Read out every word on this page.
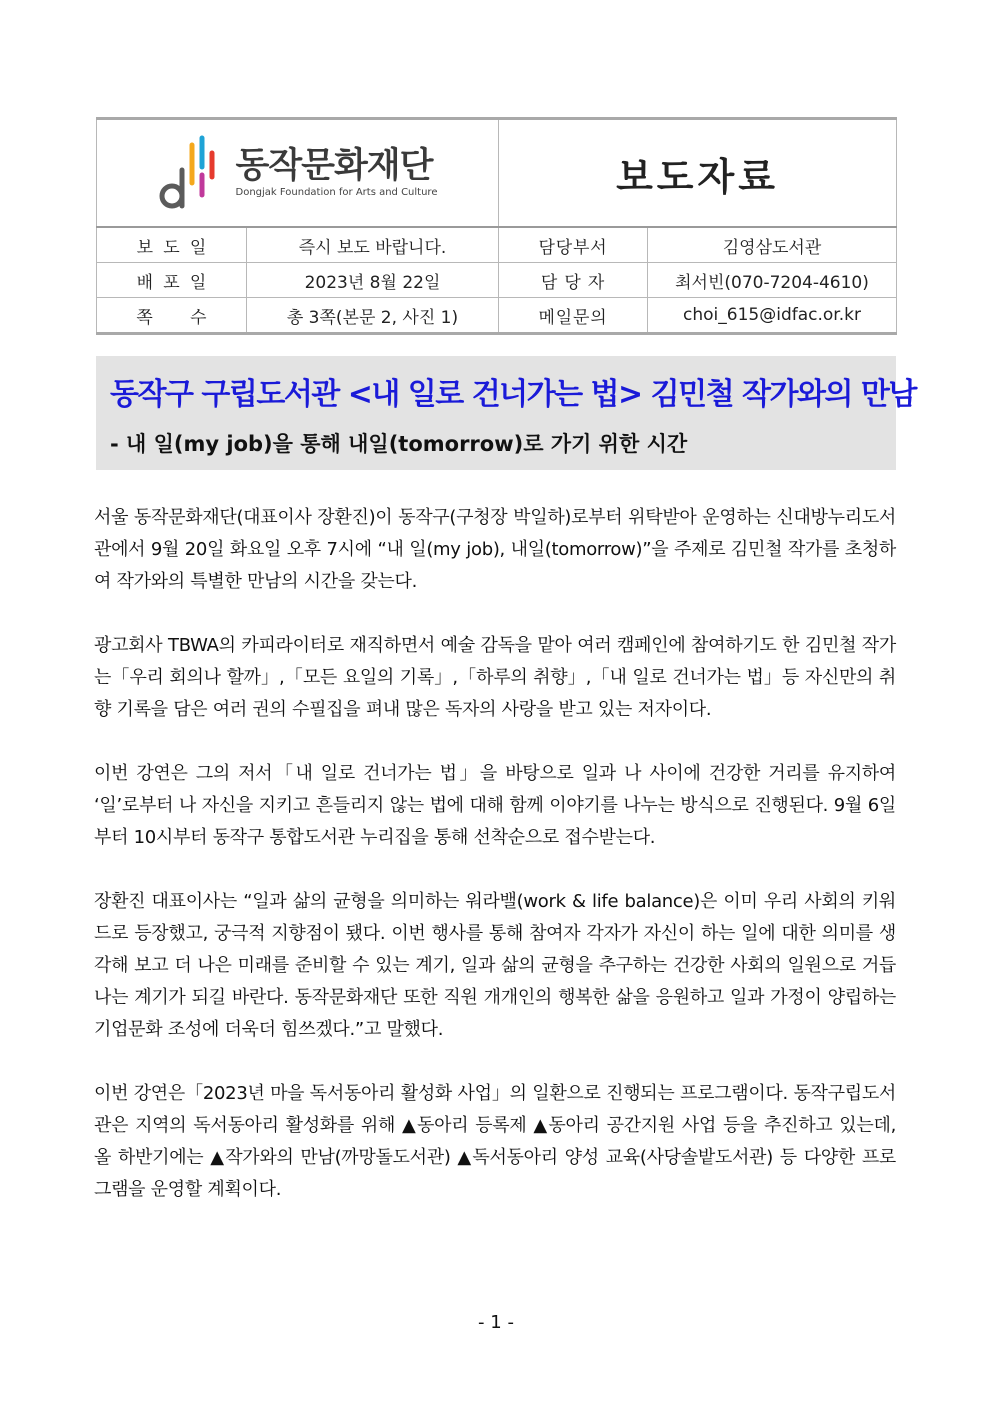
동작문화재단
Dongjak Foundation for Arts and Culture		보도자료	
보도일	즉시 보도 바랍니다.	담당부서	김영삼도서관
배포일	2023년 8월 22일	담 당 자	최서빈(070-7204-4610)
쪽수	총 3쪽(본문 2, 사진 1)	메일문의	choi_615@idfac.or.kr
동작구 구립도서관 <내 일로 건너가는 법> 김민철 작가와의 만남
- 내 일(my job)을 통해 내일(tomorrow)로 가기 위한 시간

서울 동작문화재단(대표이사 장환진)이 동작구(구청장 박일하)로부터 위탁받아 운영하는 신대방누리도서관에서 9월 20일 화요일 오후 7시에 “내 일(my job), 내일(tomorrow)”을 주제로 김민철 작가를 초청하여 작가와의 특별한 만남의 시간을 갖는다.

광고회사 TBWA의 카피라이터로 재직하면서 예술 감독을 맡아 여러 캠페인에 참여하기도 한 김민철 작가는「우리 회의나 할까」,「모든 요일의 기록」,「하루의 취향」,「내 일로 건너가는 법」등 자신만의 취향 기록을 담은 여러 권의 수필집을 펴내 많은 독자의 사랑을 받고 있는 저자이다.

이번 강연은 그의 저서「내 일로 건너가는 법」을 바탕으로 일과 나 사이에 건강한 거리를 유지하여 ‘일’로부터 나 자신을 지키고 흔들리지 않는 법에 대해 함께 이야기를 나누는 방식으로 진행된다. 9월 6일부터 10시부터 동작구 통합도서관 누리집을 통해 선착순으로 접수받는다.

장환진 대표이사는 “일과 삶의 균형을 의미하는 워라밸(work & life balance)은 이미 우리 사회의 키워드로 등장했고, 궁극적 지향점이 됐다. 이번 행사를 통해 참여자 각자가 자신이 하는 일에 대한 의미를 생각해 보고 더 나은 미래를 준비할 수 있는 계기, 일과 삶의 균형을 추구하는 건강한 사회의 일원으로 거듭나는 계기가 되길 바란다. 동작문화재단 또한 직원 개개인의 행복한 삶을 응원하고 일과 가정이 양립하는 기업문화 조성에 더욱더 힘쓰겠다.”고 말했다.

이번 강연은「2023년 마을 독서동아리 활성화 사업」의 일환으로 진행되는 프로그램이다. 동작구립도서관은 지역의 독서동아리 활성화를 위해 ▲동아리 등록제 ▲동아리 공간지원 사업 등을 추진하고 있는데, 올 하반기에는 ▲작가와의 만남(까망돌도서관) ▲독서동아리 양성 교육(사당솔밭도서관) 등 다양한 프로그램을 운영할 계획이다.

- 1 -
